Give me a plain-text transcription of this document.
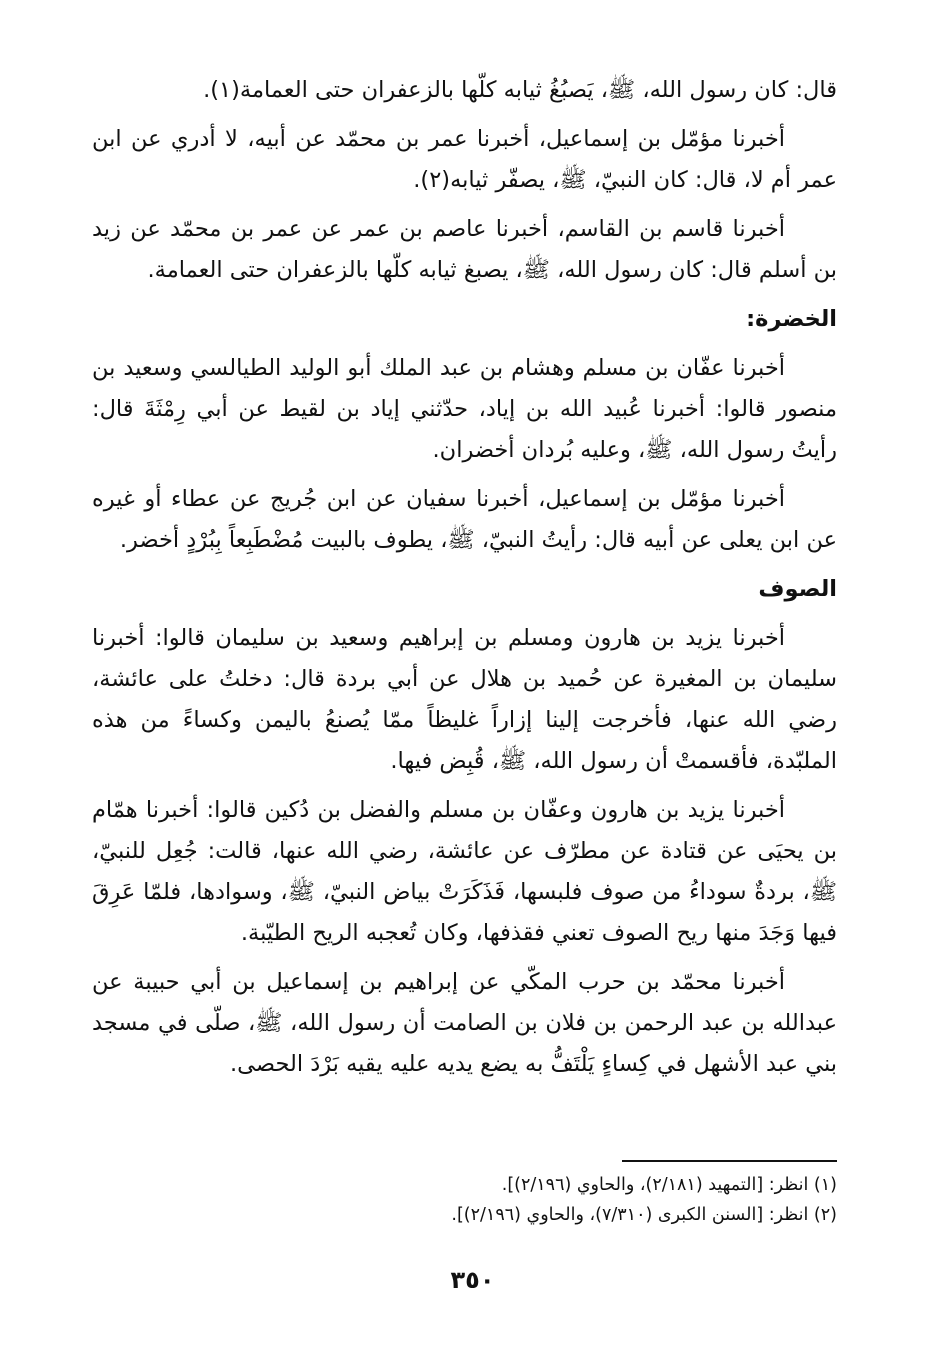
قال: كان رسول الله، ﷺ، يَصبُغُ ثيابه كلّها بالزعفران حتى العمامة(١).

أخبرنا مؤمّل بن إسماعيل، أخبرنا عمر بن محمّد عن أبيه، لا أدري عن ابن عمر أم لا، قال: كان النبيّ، ﷺ، يصفّر ثيابه(٢).

أخبرنا قاسم بن القاسم، أخبرنا عاصم بن عمر عن عمر بن محمّد عن زيد بن أسلم قال: كان رسول الله، ﷺ، يصبغ ثيابه كلّها بالزعفران حتى العمامة.

الخضرة:

أخبرنا عفّان بن مسلم وهشام بن عبد الملك أبو الوليد الطيالسي وسعيد بن منصور قالوا: أخبرنا عُبيد الله بن إياد، حدّثني إياد بن لقيط عن أبي رِمْثَةَ قال: رأيتُ رسول الله، ﷺ، وعليه بُردان أخضران.

أخبرنا مؤمّل بن إسماعيل، أخبرنا سفيان عن ابن جُريج عن عطاء أو غيره عن ابن يعلى عن أبيه قال: رأيتُ النبيّ، ﷺ، يطوف بالبيت مُضْطَبِعاً بِبُرْدٍ أخضر.

الصوف

أخبرنا يزيد بن هارون ومسلم بن إبراهيم وسعيد بن سليمان قالوا: أخبرنا سليمان بن المغيرة عن حُميد بن هلال عن أبي بردة قال: دخلتُ على عائشة، رضي الله عنها، فأخرجت إلينا إزاراً غليظاً ممّا يُصنعُ باليمن وكساءً من هذه الملبّدة، فأقسمتْ أن رسول الله، ﷺ، قُبِض فيها.

أخبرنا يزيد بن هارون وعفّان بن مسلم والفضل بن دُكين قالوا: أخبرنا همّام بن يحيَى عن قتادة عن مطرّف عن عائشة، رضي الله عنها، قالت: جُعِل للنبيّ، ﷺ، بردةٌ سوداءُ من صوف فلبسها، فَذَكَرَتْ بياض النبيّ، ﷺ، وسوادها، فلمّا عَرِقَ فيها وَجَدَ منها ريح الصوف تعني فقذفها، وكان تُعجبه الريح الطيّبة.

أخبرنا محمّد بن حرب المكّي عن إبراهيم بن إسماعيل بن أبي حبيبة عن عبدالله بن عبد الرحمن بن فلان بن الصامت أن رسول الله، ﷺ، صلّى في مسجد بني عبد الأشهل في كِساءٍ يَلْتَفُّ به يضع يديه عليه يقيه بَرْدَ الحصى.

(١) انظر: [التمهيد (٢/١٨١)، والحاوي (٢/١٩٦)].

(٢) انظر: [السنن الكبرى (٧/٣١٠)، والحاوي (٢/١٩٦)].

٣٥٠
